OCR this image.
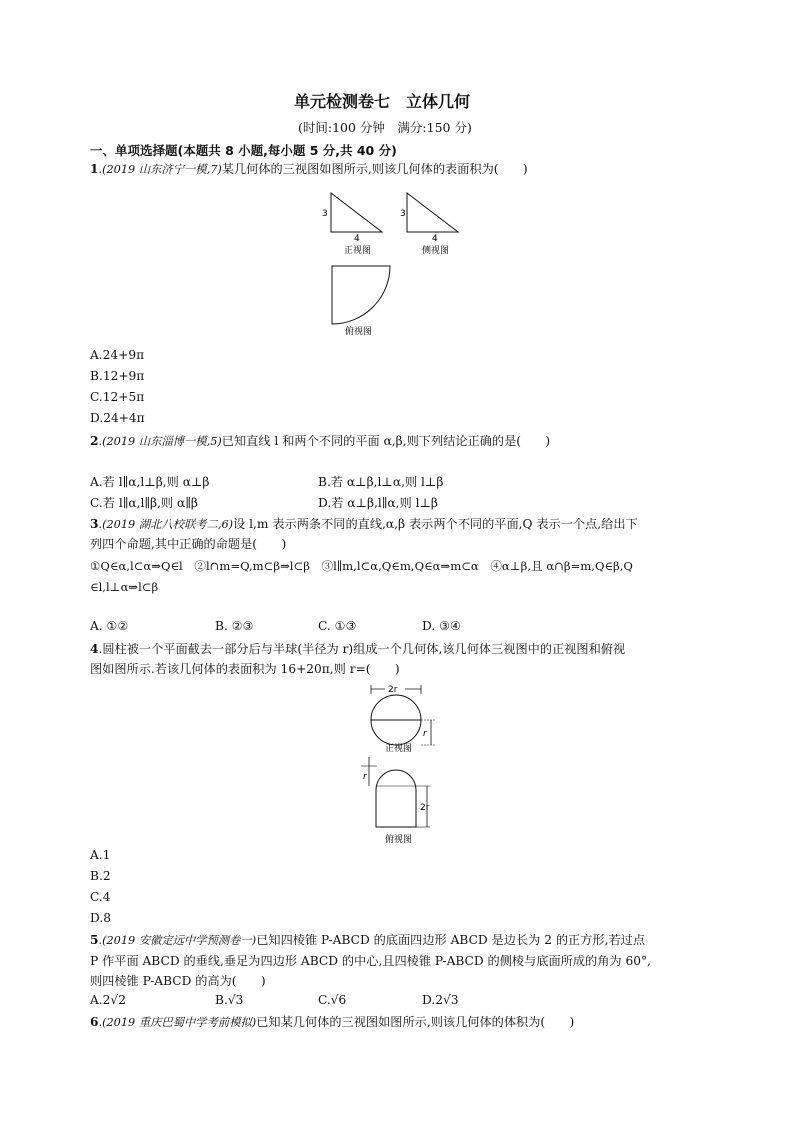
单元检测卷七　立体几何
(时间:100 分钟　满分:150 分)
一、单项选择题(本题共 8 小题,每小题 5 分,共 40 分)
1.(2019 山东济宁一模,7)某几何体的三视图如图所示,则该几何体的表面积为(　　)
3
4
正视图
3
4
侧视图
俯视图
A.24+9π
B.12+9π
C.12+5π
D.24+4π
2.(2019 山东淄博一模,5)已知直线 l 和两个不同的平面 α,β,则下列结论正确的是(　　)
A.若 l∥α,l⊥β,则 α⊥β	B.若 α⊥β,l⊥α,则 l⊥β
C.若 l∥α,l∥β,则 α∥β	D.若 α⊥β,l∥α,则 l⊥β
3.(2019 湖北八校联考二,6)设 l,m 表示两条不同的直线,α,β 表示两个不同的平面,Q 表示一个点,给出下
列四个命题,其中正确的命题是(　　)
①Q∈α,l⊂α⇒Q∈l　②l∩m=Q,m⊂β⇒l⊂β　③l∥m,l⊂α,Q∈m,Q∈α⇒m⊂α　④α⊥β,且 α∩β=m,Q∈β,Q
∈l,l⊥α⇒l⊂β
A. ①②	B. ②③	C. ①③	D. ③④
4.圆柱被一个平面截去一部分后与半球(半径为 r)组成一个几何体,该几何体三视图中的正视图和俯视
图如图所示.若该几何体的表面积为 16+20π,则 r=(　　)
2r
r
正视图
r
2r
俯视图
A.1
B.2
C.4
D.8
5.(2019 安徽定远中学预测卷一)已知四棱锥 P-ABCD 的底面四边形 ABCD 是边长为 2 的正方形,若过点
P 作平面 ABCD 的垂线,垂足为四边形 ABCD 的中心,且四棱锥 P-ABCD 的侧棱与底面所成的角为 60°,
则四棱锥 P-ABCD 的高为(　　)
A.2√2	B.√3	C.√6	D.2√3
6.(2019 重庆巴蜀中学考前模拟)已知某几何体的三视图如图所示,则该几何体的体积为(　　)
